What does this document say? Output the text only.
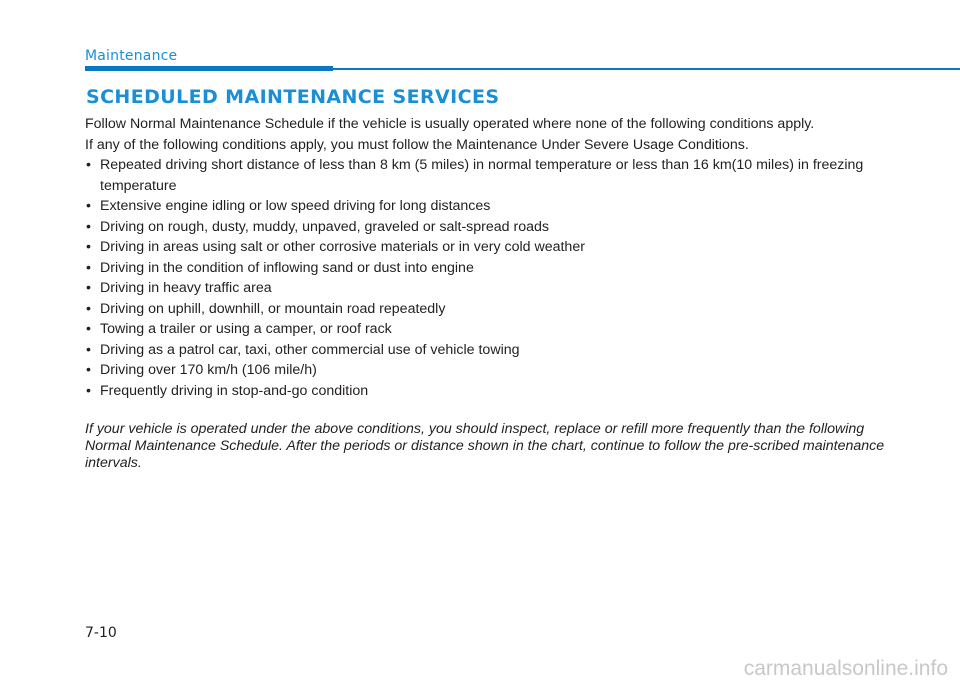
Maintenance
SCHEDULED MAINTENANCE SERVICES

Follow Normal Maintenance Schedule if the vehicle is usually operated where none of the following conditions apply.

If any of the following conditions apply, you must follow the Maintenance Under Severe Usage Conditions.

• Repeated driving short distance of less than 8 km (5 miles) in normal temperature or less than 16 km(10 miles) in freezing temperature
• Extensive engine idling or low speed driving for long distances
• Driving on rough, dusty, muddy, unpaved, graveled or salt-spread roads
• Driving in areas using salt or other corrosive materials or in very cold weather
• Driving in the condition of inflowing sand or dust into engine
• Driving in heavy traffic area
• Driving on uphill, downhill, or mountain road repeatedly
• Towing a trailer or using a camper, or roof rack
• Driving as a patrol car, taxi, other commercial use of vehicle towing
• Driving over 170 km/h (106 mile/h)
• Frequently driving in stop-and-go condition

If your vehicle is operated under the above conditions, you should inspect, replace or refill more frequently than the following Normal Maintenance Schedule. After the periods or distance shown in the chart, continue to follow the pre-scribed maintenance intervals.

7-10
carmanualsonline.info
